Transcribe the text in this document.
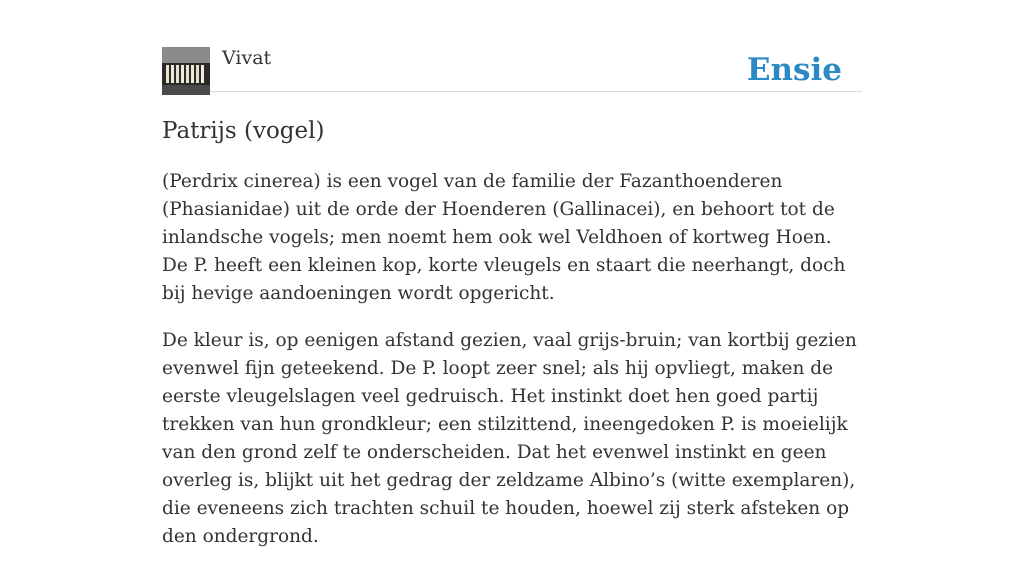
Vivat	Ensie
Patrijs (vogel)

(Perdrix cinerea) is een vogel van de familie der Fazanthoenderen (Phasianidae) uit de orde der Hoenderen (Gallinacei), en behoort tot de inlandsche vogels; men noemt hem ook wel Veldhoen of kortweg Hoen. De P. heeft een kleinen kop, korte vleugels en staart die neerhangt, doch bij hevige aandoeningen wordt opgericht.

De kleur is, op eenigen afstand gezien, vaal grijs-bruin; van kortbij gezien evenwel fijn geteekend. De P. loopt zeer snel; als hij opvliegt, maken de eerste vleugelslagen veel gedruisch. Het instinkt doet hen goed partij trekken van hun grondkleur; een stilzittend, ineengedoken P. is moeielijk van den grond zelf te onderscheiden. Dat het evenwel instinkt en geen overleg is, blijkt uit het gedrag der zeldzame Albino’s (witte exemplaren), die eveneens zich trachten schuil te houden, hoewel zij sterk afsteken op den ondergrond.
